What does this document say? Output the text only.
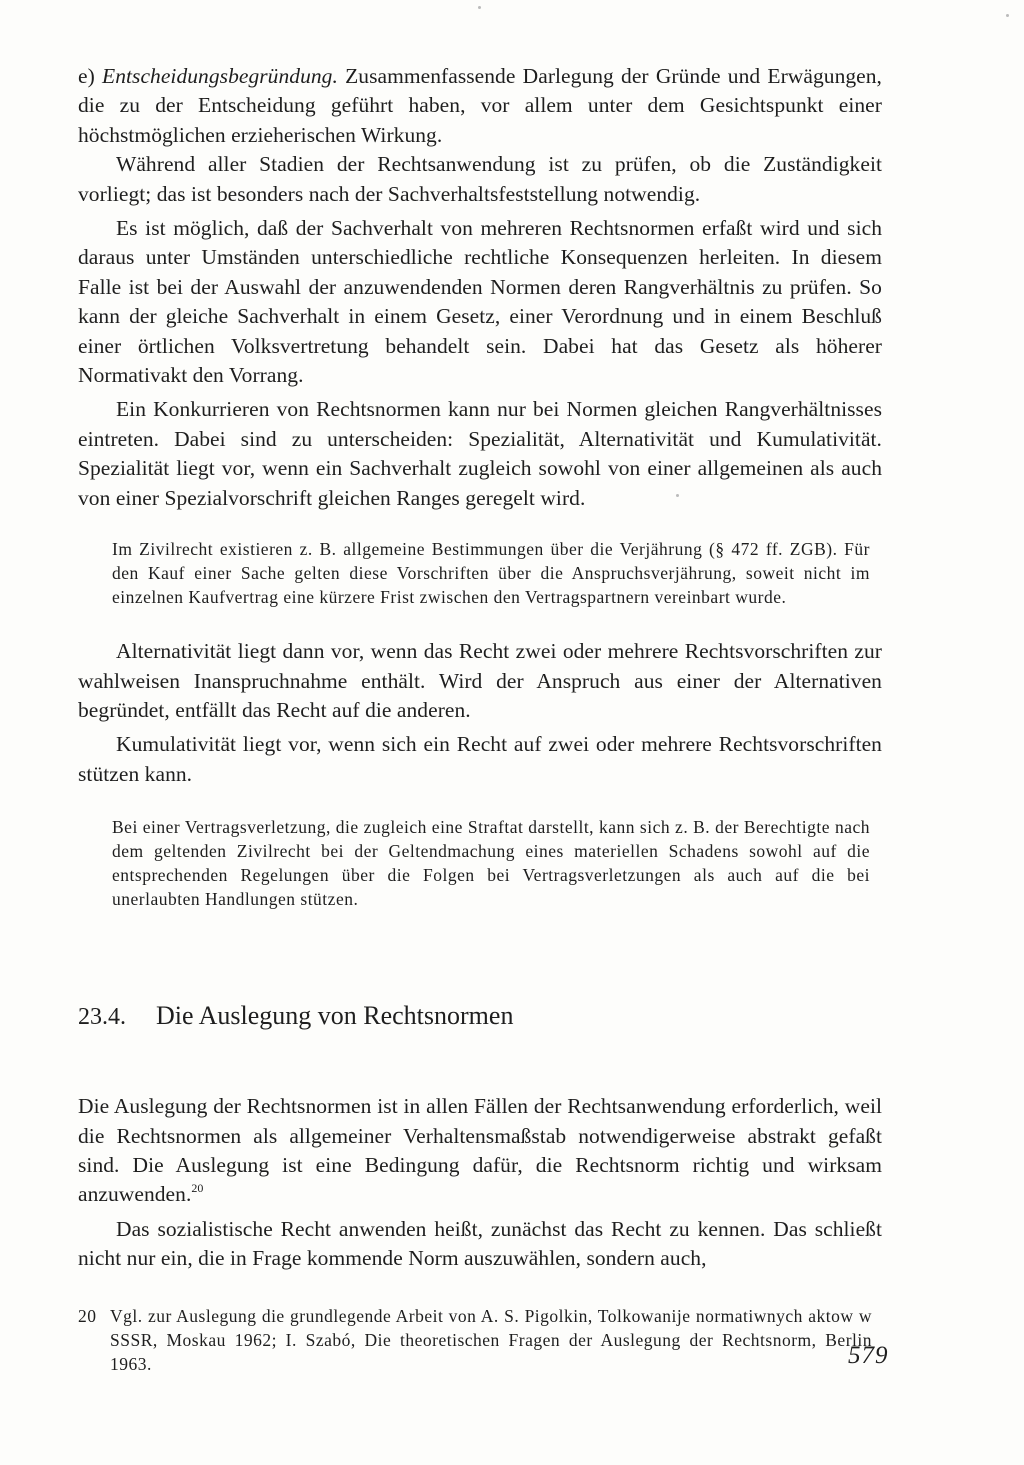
e) Entscheidungsbegründung. Zusammenfassende Darlegung der Gründe und Erwägungen, die zu der Entscheidung geführt haben, vor allem unter dem Gesichtspunkt einer höchstmöglichen erzieherischen Wirkung.

Während aller Stadien der Rechtsanwendung ist zu prüfen, ob die Zuständigkeit vorliegt; das ist besonders nach der Sachverhaltsfeststellung notwendig.

Es ist möglich, daß der Sachverhalt von mehreren Rechtsnormen erfaßt wird und sich daraus unter Umständen unterschiedliche rechtliche Konsequenzen herleiten. In diesem Falle ist bei der Auswahl der anzuwendenden Normen deren Rangverhältnis zu prüfen. So kann der gleiche Sachverhalt in einem Gesetz, einer Verordnung und in einem Beschluß einer örtlichen Volksvertretung behandelt sein. Dabei hat das Gesetz als höherer Normativakt den Vorrang.

Ein Konkurrieren von Rechtsnormen kann nur bei Normen gleichen Rangverhältnisses eintreten. Dabei sind zu unterscheiden: Spezialität, Alternativität und Kumulativität. Spezialität liegt vor, wenn ein Sachverhalt zugleich sowohl von einer allgemeinen als auch von einer Spezialvorschrift gleichen Ranges geregelt wird.

Im Zivilrecht existieren z. B. allgemeine Bestimmungen über die Verjährung (§ 472 ff. ZGB). Für den Kauf einer Sache gelten diese Vorschriften über die Anspruchsverjährung, soweit nicht im einzelnen Kaufvertrag eine kürzere Frist zwischen den Vertragspartnern vereinbart wurde.

Alternativität liegt dann vor, wenn das Recht zwei oder mehrere Rechtsvorschriften zur wahlweisen Inanspruchnahme enthält. Wird der Anspruch aus einer der Alternativen begründet, entfällt das Recht auf die anderen.

Kumulativität liegt vor, wenn sich ein Recht auf zwei oder mehrere Rechtsvorschriften stützen kann.

Bei einer Vertragsverletzung, die zugleich eine Straftat darstellt, kann sich z. B. der Berechtigte nach dem geltenden Zivilrecht bei der Geltendmachung eines materiellen Schadens sowohl auf die entsprechenden Regelungen über die Folgen bei Vertragsverletzungen als auch auf die bei unerlaubten Handlungen stützen.

23.4.	Die Auslegung von Rechtsnormen

Die Auslegung der Rechtsnormen ist in allen Fällen der Rechtsanwendung erforderlich, weil die Rechtsnormen als allgemeiner Verhaltensmaßstab notwendigerweise abstrakt gefaßt sind. Die Auslegung ist eine Bedingung dafür, die Rechtsnorm richtig und wirksam anzuwenden.$^{20}$

Das sozialistische Recht anwenden heißt, zunächst das Recht zu kennen. Das schließt nicht nur ein, die in Frage kommende Norm auszuwählen, sondern auch,

20 Vgl. zur Auslegung die grundlegende Arbeit von A. S. Pigolkin, Tolkowanije normatiwnych aktow w SSSR, Moskau 1962; I. Szabó, Die theoretischen Fragen der Auslegung der Rechtsnorm, Berlin 1963.	579
